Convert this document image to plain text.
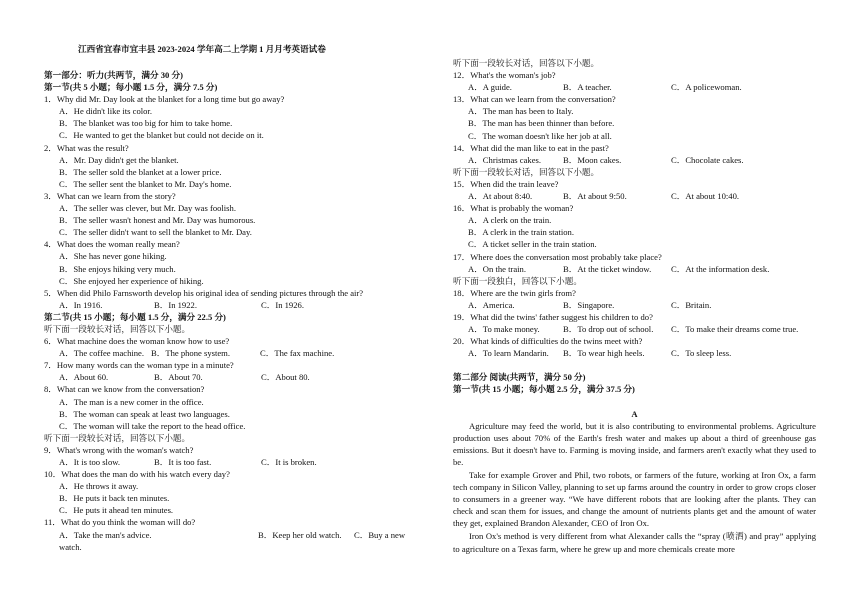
江西省宜春市宜丰县 2023-2024 学年高二上学期 1 月月考英语试卷
第一部分：听力(共两节，满分 30 分)
第一节(共 5 小题；每小题 1.5 分，满分 7.5 分)
1．Why did Mr. Day look at the blanket for a long time but go away?
A．He didn't like its color.
B．The blanket was too big for him to take home.
C．He wanted to get the blanket but could not decide on it.
2．What was the result?
A．Mr. Day didn't get the blanket.
B．The seller sold the blanket at a lower price.
C．The seller sent the blanket to Mr. Day's home.
3．What can we learn from the story?
A．The seller was clever, but Mr. Day was foolish.
B．The seller wasn't honest and Mr. Day was humorous.
C．The seller didn't want to sell the blanket to Mr. Day.
4．What does the woman really mean?
A．She has never gone hiking.
B．She enjoys hiking very much.
C．She enjoyed her experience of hiking.
5．When did Philo Farnsworth develop his original idea of sending pictures through the air?
A．In 1916.	B．In 1922.	C．In 1926.
第二节(共 15 小题；每小题 1.5 分，满分 22.5 分)
听下面一段较长对话，回答以下小题。
6．What machine does the woman know how to use?
A．The coffee machine. B．The phone system.	C．The fax machine.
7．How many words can the woman type in a minute?
A．About 60.	B．About 70.	C．About 80.
8．What can we know from the conversation?
A．The man is a new comer in the office.
B．The woman can speak at least two languages.
C．The woman will take the report to the head office.
听下面一段较长对话，回答以下小题。
9．What's wrong with the woman's watch?
A．It is too slow.	B．It is too fast.	C．It is broken.
10．What does the man do with his watch every day?
A．He throws it away.
B．He puts it back ten minutes.
C．He puts it ahead ten minutes.
11．What do you think the woman will do?
A．Take the man's advice.	B．Keep her old watch.	C．Buy a new
watch.
听下面一段较长对话，回答以下小题。
12．What's the woman's job?
A．A guide.	B．A teacher.	C．A policewoman.
13．What can we learn from the conversation?
A．The man has been to Italy.
B．The man has been thinner than before.
C．The woman doesn't like her job at all.
14．What did the man like to eat in the past?
A．Christmas cakes.	B．Moon cakes.	C．Chocolate cakes.
听下面一段较长对话，回答以下小题。
15．When did the train leave?
A．At about 8:40.	B．At about 9:50.	C．At about 10:40.
16．What is probably the woman?
A．A clerk on the train.
B．A clerk in the train station.
C．A ticket seller in the train station.
17．Where does the conversation most probably take place?
A．On the train.	B．At the ticket window.	C．At the information desk.
听下面一段独白，回答以下小题。
18．Where are the twin girls from?
A．America.	B．Singapore.	C．Britain.
19．What did the twins' father suggest his children to do?
A．To make money.	B．To drop out of school.	C．To make their dreams come true.
20．What kinds of difficulties do the twins meet with?
A．To learn Mandarin.	B．To wear high heels.	C．To sleep less.
第二部分 阅读(共两节，满分 50 分)
第一节(共 15 小题；每小题 2.5 分，满分 37.5 分)
A
Agriculture may feed the world, but it is also contributing to environmental problems. Agriculture production uses about 70% of the Earth's fresh water and makes up about a third of greenhouse gas emissions. But it doesn't have to. Farming is moving inside, and farmers aren't exactly what they used to be.
Take for example Grover and Phil, two robots, or farmers of the future, working at Iron Ox, a farm tech company in Silicon Valley, planning to set up farms around the country in order to grow crops closer to consumers in a greener way. “We have different robots that are looking after the plants. They can check and scan them for issues, and change the amount of nutrients plants get and the amount of water they get, explained Brandon Alexander, CEO of Iron Ox.
Iron Ox's method is very different from what Alexander calls the “spray (喷洒) and pray” applying to agriculture on a Texas farm, where he grew up and more chemicals create more
